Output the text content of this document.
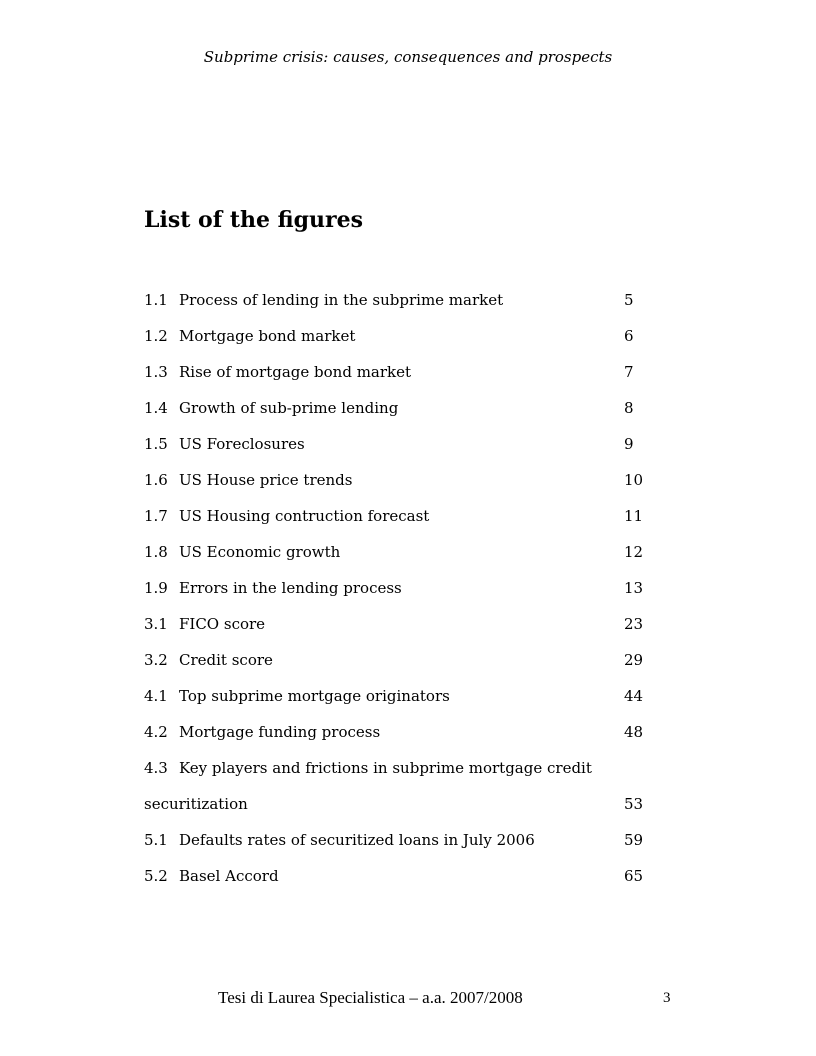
Subprime crisis: causes, consequences and prospects
List of the figures
1.1 Process of lending in the subprime market	5
1.2 Mortgage bond market	6
1.3 Rise of mortgage bond market	7
1.4 Growth of sub-prime lending	8
1.5 US Foreclosures	9
1.6 US House price trends	10
1.7 US Housing contruction forecast	11
1.8 US Economic growth	12
1.9 Errors in the lending process	13
3.1 FICO score	23
3.2 Credit score	29
4.1 Top subprime mortgage originators	44
4.2 Mortgage funding process	48
4.3 Key players and frictions in subprime mortgage credit
securitization	53
5.1 Defaults rates of securitized loans in July 2006	59
5.2 Basel Accord	65
Tesi di Laurea Specialistica – a.a. 2007/2008	3
